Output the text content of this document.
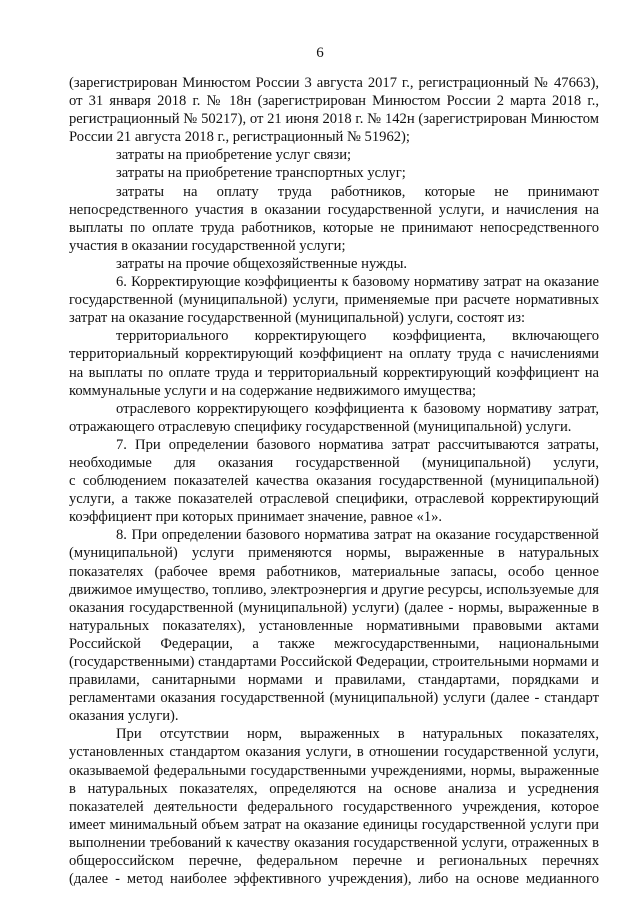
6
(зарегистрирован Минюстом России 3 августа 2017 г., регистрационный № 47663),
от 31 января 2018 г. № 18н (зарегистрирован Минюстом России 2 марта 2018 г.,
регистрационный № 50217), от 21 июня 2018 г. № 142н (зарегистрирован Минюстом
России 21 августа 2018 г., регистрационный № 51962);
затраты на приобретение услуг связи;
затраты на приобретение транспортных услуг;
затраты на оплату труда работников, которые не принимают
непосредственного участия в оказании государственной услуги, и начисления на
выплаты по оплате труда работников, которые не принимают непосредственного
участия в оказании государственной услуги;
затраты на прочие общехозяйственные нужды.
6. Корректирующие коэффициенты к базовому нормативу затрат на оказание
государственной (муниципальной) услуги, применяемые при расчете нормативных
затрат на оказание государственной (муниципальной) услуги, состоят из:
территориального корректирующего коэффициента, включающего
территориальный корректирующий коэффициент на оплату труда с начислениями
на выплаты по оплате труда и территориальный корректирующий коэффициент на
коммунальные услуги и на содержание недвижимого имущества;
отраслевого корректирующего коэффициента к базовому нормативу затрат,
отражающего отраслевую специфику государственной (муниципальной) услуги.
7. При определении базового норматива затрат рассчитываются затраты,
необходимые для оказания государственной (муниципальной) услуги,
с соблюдением показателей качества оказания государственной (муниципальной)
услуги, а также показателей отраслевой специфики, отраслевой корректирующий
коэффициент при которых принимает значение, равное «1».
8. При определении базового норматива затрат на оказание государственной
(муниципальной) услуги применяются нормы, выраженные в натуральных
показателях (рабочее время работников, материальные запасы, особо ценное
движимое имущество, топливо, электроэнергия и другие ресурсы, используемые для
оказания государственной (муниципальной) услуги) (далее - нормы, выраженные в
натуральных показателях), установленные нормативными правовыми актами
Российской Федерации, а также межгосударственными, национальными
(государственными) стандартами Российской Федерации, строительными нормами и
правилами, санитарными нормами и правилами, стандартами, порядками и
регламентами оказания государственной (муниципальной) услуги (далее - стандарт
оказания услуги).
При отсутствии норм, выраженных в натуральных показателях,
установленных стандартом оказания услуги, в отношении государственной услуги,
оказываемой федеральными государственными учреждениями, нормы, выраженные
в натуральных показателях, определяются на основе анализа и усреднения
показателей деятельности федерального государственного учреждения, которое
имеет минимальный объем затрат на оказание единицы государственной услуги при
выполнении требований к качеству оказания государственной услуги, отраженных в
общероссийском перечне, федеральном перечне и региональных перечнях
(далее - метод наиболее эффективного учреждения), либо на основе медианного
